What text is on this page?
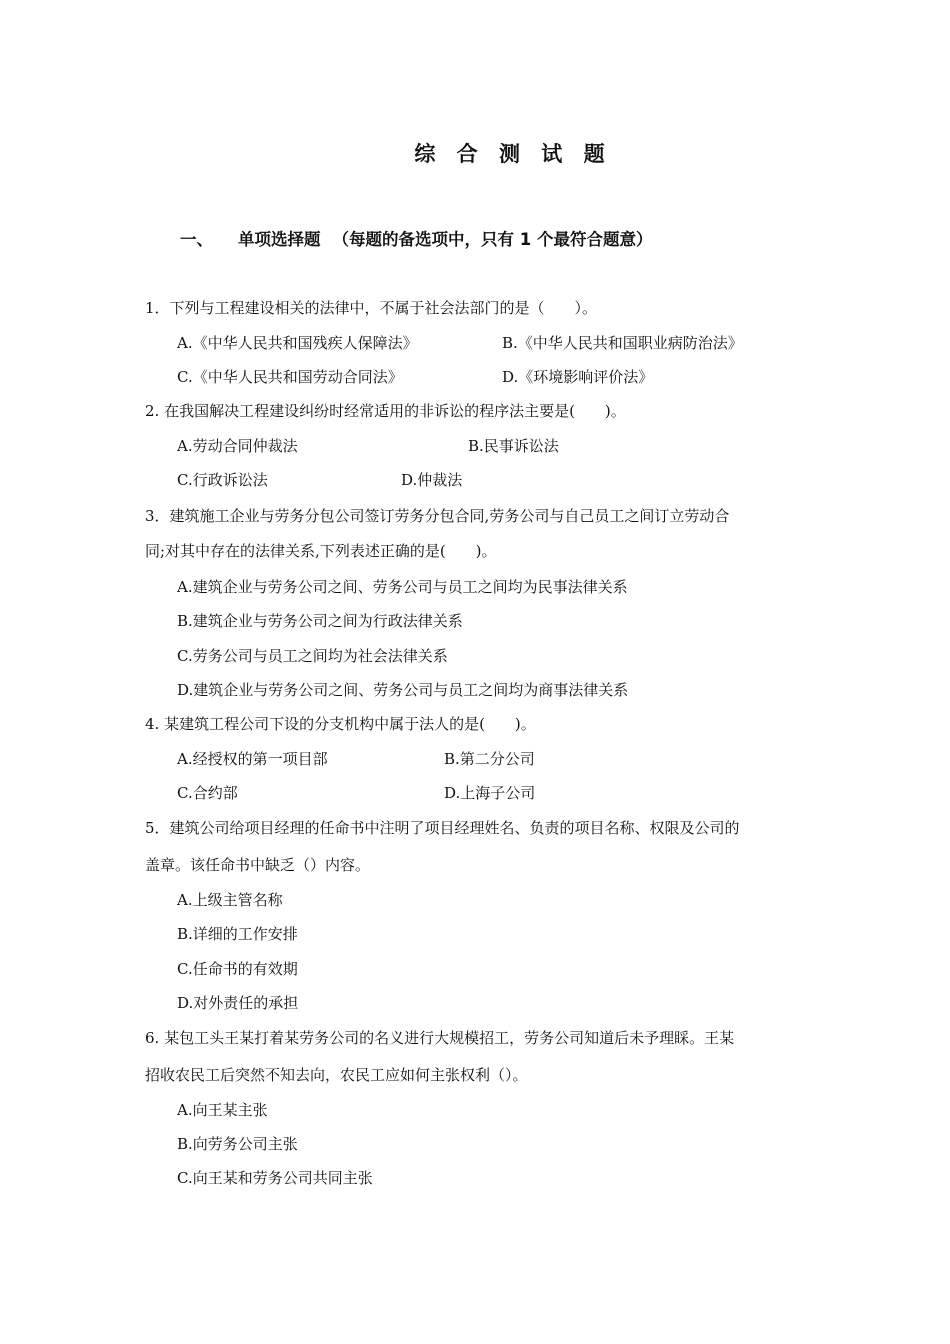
综 合 测 试 题
一、 单项选择题 （每题的备选项中，只有 1 个最符合题意）
1．下列与工程建设相关的法律中，不属于社会法部门的是（　　）。
A.《中华人民共和国残疾人保障法》	B.《中华人民共和国职业病防治法》
C.《中华人民共和国劳动合同法》	D.《环境影响评价法》
2. 在我国解决工程建设纠纷时经常适用的非诉讼的程序法主要是(　　)。
A.劳动合同仲裁法	B.民事诉讼法
C.行政诉讼法	D.仲裁法
3．建筑施工企业与劳务分包公司签订劳务分包合同,劳务公司与自己员工之间订立劳动合
同;对其中存在的法律关系,下列表述正确的是(　　)。
A.建筑企业与劳务公司之间、劳务公司与员工之间均为民事法律关系
B.建筑企业与劳务公司之间为行政法律关系
C.劳务公司与员工之间均为社会法律关系
D.建筑企业与劳务公司之间、劳务公司与员工之间均为商事法律关系
4. 某建筑工程公司下设的分支机构中属于法人的是(　　)。
A.经授权的第一项目部	B.第二分公司
C.合约部	D.上海子公司
5．建筑公司给项目经理的任命书中注明了项目经理姓名、负责的项目名称、权限及公司的
盖章。该任命书中缺乏（）内容。
A.上级主管名称
B.详细的工作安排
C.任命书的有效期
D.对外责任的承担
6. 某包工头王某打着某劳务公司的名义进行大规模招工，劳务公司知道后未予理睬。王某
招收农民工后突然不知去向，农民工应如何主张权利（）。
A.向王某主张
B.向劳务公司主张
C.向王某和劳务公司共同主张
